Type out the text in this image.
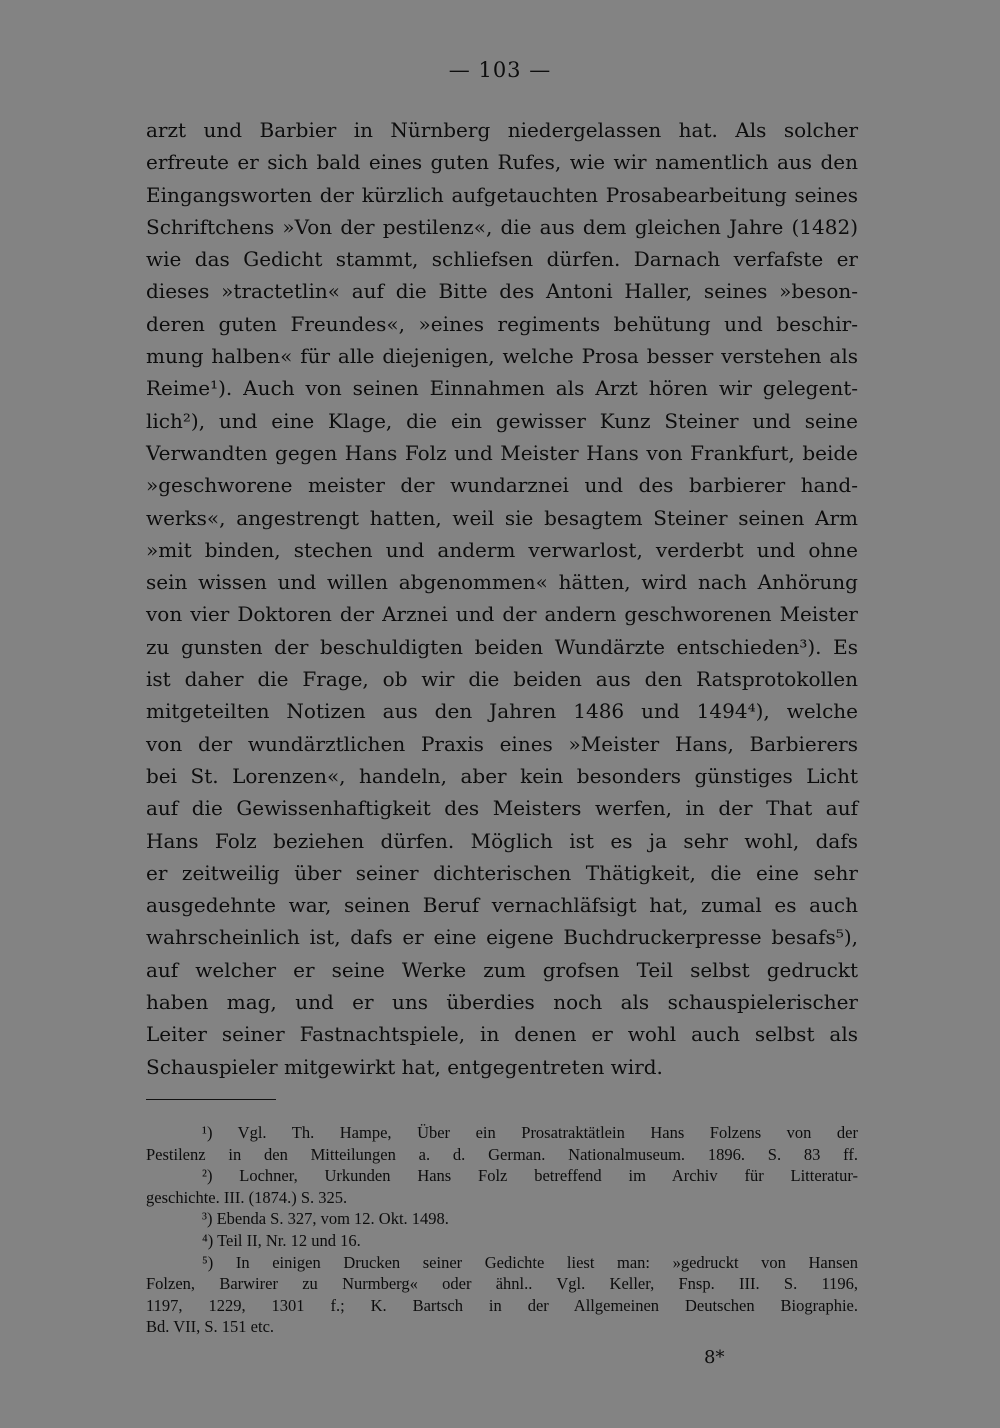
— 103 —
arzt und Barbier in Nürnberg niedergelassen hat. Als solcher
erfreute er sich bald eines guten Rufes, wie wir namentlich aus den
Eingangsworten der kürzlich aufgetauchten Prosabearbeitung seines
Schriftchens »Von der pestilenz«, die aus dem gleichen Jahre (1482)
wie das Gedicht stammt, schliefsen dürfen. Darnach verfafste er
dieses »tractetlin« auf die Bitte des Antoni Haller, seines »beson-
deren guten Freundes«, »eines regiments behütung und beschir-
mung halben« für alle diejenigen, welche Prosa besser verstehen als
Reime¹). Auch von seinen Einnahmen als Arzt hören wir gelegent-
lich²), und eine Klage, die ein gewisser Kunz Steiner und seine
Verwandten gegen Hans Folz und Meister Hans von Frankfurt, beide
»geschworene meister der wundarznei und des barbierer hand-
werks«, angestrengt hatten, weil sie besagtem Steiner seinen Arm
»mit binden, stechen und anderm verwarlost, verderbt und ohne
sein wissen und willen abgenommen« hätten, wird nach Anhörung
von vier Doktoren der Arznei und der andern geschworenen Meister
zu gunsten der beschuldigten beiden Wundärzte entschieden³). Es
ist daher die Frage, ob wir die beiden aus den Ratsprotokollen
mitgeteilten Notizen aus den Jahren 1486 und 1494⁴), welche
von der wundärztlichen Praxis eines »Meister Hans, Barbierers
bei St. Lorenzen«, handeln, aber kein besonders günstiges Licht
auf die Gewissenhaftigkeit des Meisters werfen, in der That auf
Hans Folz beziehen dürfen. Möglich ist es ja sehr wohl, dafs
er zeitweilig über seiner dichterischen Thätigkeit, die eine sehr
ausgedehnte war, seinen Beruf vernachläfsigt hat, zumal es auch
wahrscheinlich ist, dafs er eine eigene Buchdruckerpresse besafs⁵),
auf welcher er seine Werke zum grofsen Teil selbst gedruckt
haben mag, und er uns überdies noch als schauspielerischer
Leiter seiner Fastnachtspiele, in denen er wohl auch selbst als
Schauspieler mitgewirkt hat, entgegentreten wird.
¹) Vgl. Th. Hampe, Über ein Prosatraktätlein Hans Folzens von der
Pestilenz in den Mitteilungen a. d. German. Nationalmuseum. 1896. S. 83 ff.
²) Lochner, Urkunden Hans Folz betreffend im Archiv für Litteratur-
geschichte. III. (1874.) S. 325.
³) Ebenda S. 327, vom 12. Okt. 1498.
⁴) Teil II, Nr. 12 und 16.
⁵) In einigen Drucken seiner Gedichte liest man: »gedruckt von Hansen
Folzen, Barwirer zu Nurmberg« oder ähnl.. Vgl. Keller, Fnsp. III. S. 1196,
1197, 1229, 1301 f.; K. Bartsch in der Allgemeinen Deutschen Biographie.
Bd. VII, S. 151 etc.
8*
